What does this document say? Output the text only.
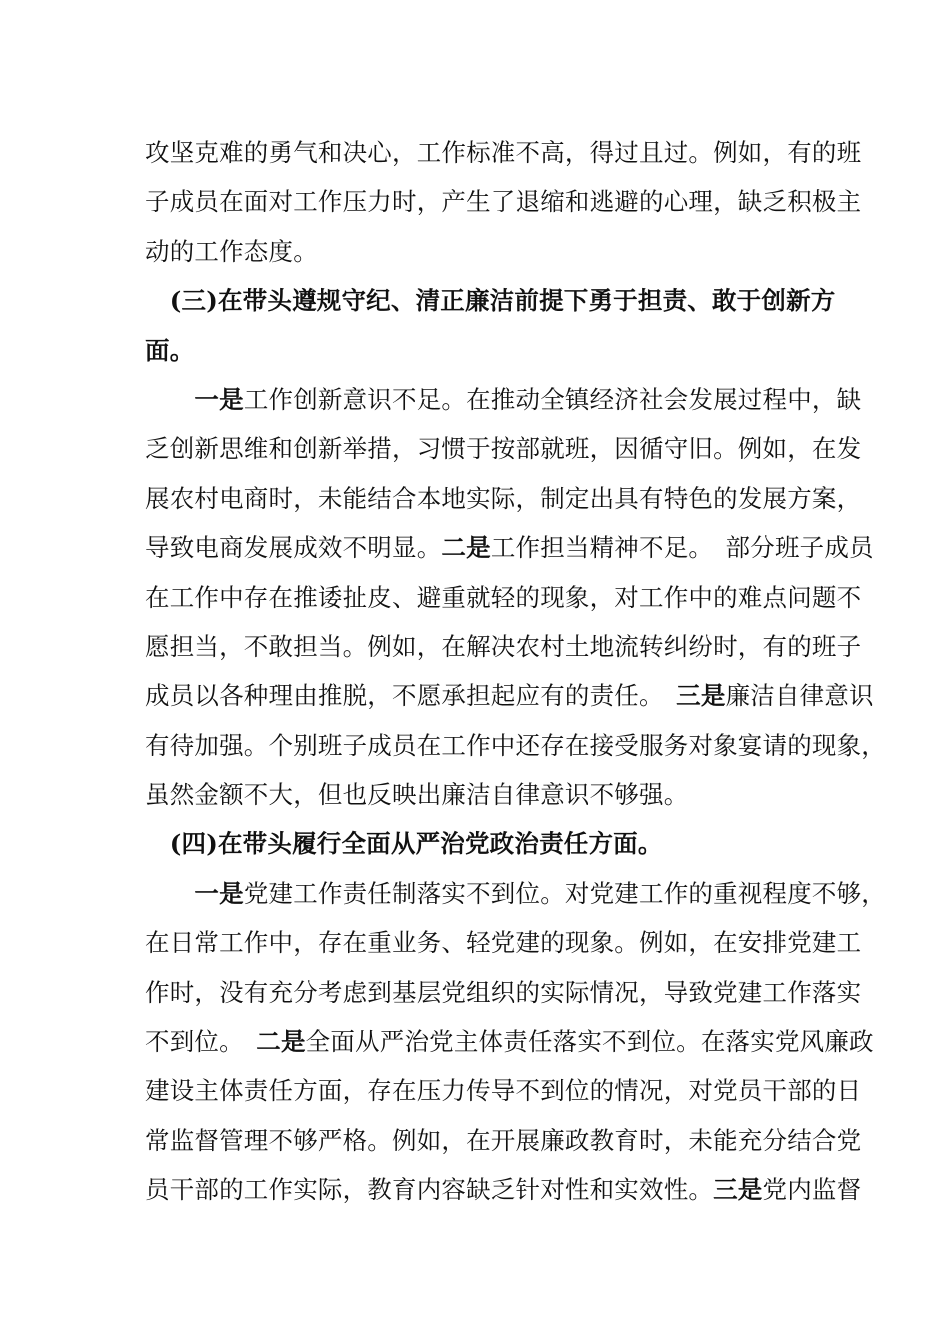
攻坚克难的勇气和决心，工作标准不高，得过且过。例如，有的班
子成员在面对工作压力时，产生了退缩和逃避的心理，缺乏积极主
动的工作态度。
　(三)在带头遵规守纪、清正廉洁前提下勇于担责、敢于创新方
面。
　　一是工作创新意识不足。在推动全镇经济社会发展过程中，缺
乏创新思维和创新举措，习惯于按部就班，因循守旧。例如，在发
展农村电商时，未能结合本地实际，制定出具有特色的发展方案，
导致电商发展成效不明显。二是工作担当精神不足。　部分班子成员
在工作中存在推诿扯皮、避重就轻的现象，对工作中的难点问题不
愿担当，不敢担当。例如，在解决农村土地流转纠纷时，有的班子
成员以各种理由推脱，不愿承担起应有的责任。　三是廉洁自律意识
有待加强。个别班子成员在工作中还存在接受服务对象宴请的现象，
虽然金额不大，但也反映出廉洁自律意识不够强。
　(四)在带头履行全面从严治党政治责任方面。
　　一是党建工作责任制落实不到位。对党建工作的重视程度不够，
在日常工作中，存在重业务、轻党建的现象。例如，在安排党建工
作时，没有充分考虑到基层党组织的实际情况，导致党建工作落实
不到位。　二是全面从严治党主体责任落实不到位。在落实党风廉政
建设主体责任方面，存在压力传导不到位的情况，对党员干部的日
常监督管理不够严格。例如，在开展廉政教育时，未能充分结合党
员干部的工作实际，教育内容缺乏针对性和实效性。三是党内监督
